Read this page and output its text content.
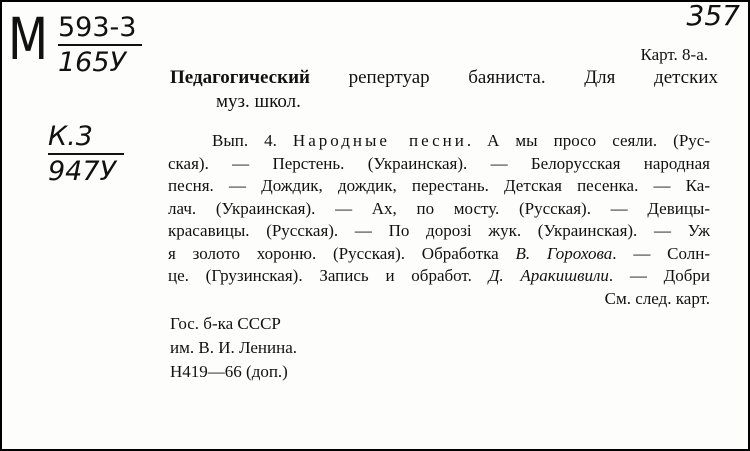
М 593-3
165У
К.3
947У
357
Карт. 8-а.
Педагогический репертуар баяниста. Для детских
муз. школ.
Вып. 4. Народные песни. А мы просо сеяли. (Рус-
ская). — Перстень. (Украинская). — Белорусская народная
песня. — Дождик, дождик, перестань. Детская песенка. — Ка-
лач. (Украинская). — Ах, по мосту. (Русская). — Девицы-
красавицы. (Русская). — По дорозі жук. (Украинская). — Уж
я золото хороню. (Русская). Обработка В. Горохова. — Солн-
це. (Грузинская). Запись и обработ. Д. Аракишвили. — Добри
См. след. карт.
Гос. б-ка СССР
им. В. И. Ленина.
Н419—66 (доп.)
